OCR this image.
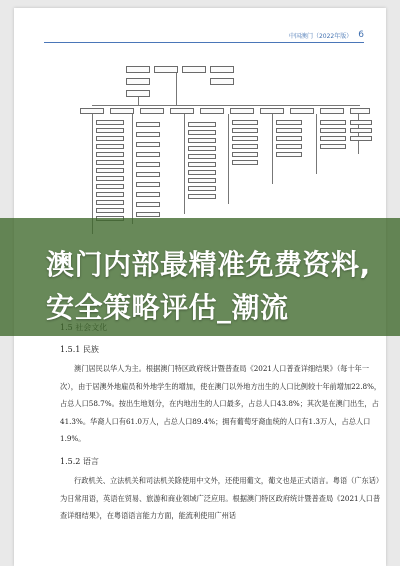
中国澳门（2022年版） 6
1.5.1 民族
澳门居民以华人为主。根据澳门特区政府统计暨普查局《2021人口普查详细结果》（每十年一次），由于居澳外地雇员和外地学生的增加，使在澳门以外地方出生的人口比例较十年前增加22.8%，占总人口58.7%。按出生地划分，在内地出生的人口最多，占总人口43.8%；其次是在澳门出生，占41.3%。华裔人口有61.0万人，占总人口89.4%；拥有葡萄牙裔血统的人口有1.3万人，占总人口1.9%。
1.5.2 语言
行政机关、立法机关和司法机关除使用中文外，还使用葡文，葡文也是正式语言。粤语（广东话）为日常用语，英语在贸易、旅游和商业领域广泛应用。根据澳门特区政府统计暨普查局《2021人口普查详细结果》，在粤语语言能力方面，能流利使用广州话
澳门内部最精准免费资料,安全策略评估_潮流
